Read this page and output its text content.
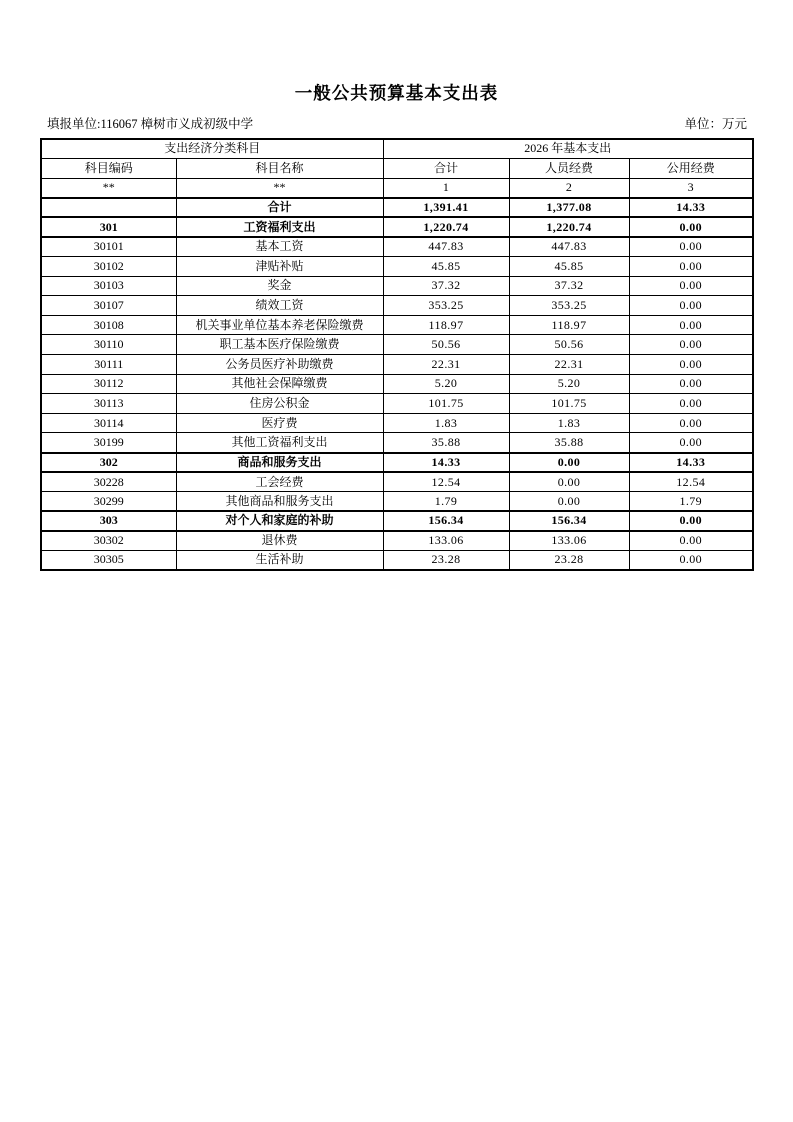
一般公共预算基本支出表
填报单位:116067 樟树市义成初级中学	单位：万元
支出经济分类科目		2026 年基本支出		
科目编码	科目名称	合计	人员经费	公用经费
**	**	1	2	3
	合计	1,391.41	1,377.08	14.33
301	工资福利支出	1,220.74	1,220.74	0.00
30101	基本工资	447.83	447.83	0.00
30102	津贴补贴	45.85	45.85	0.00
30103	奖金	37.32	37.32	0.00
30107	绩效工资	353.25	353.25	0.00
30108	机关事业单位基本养老保险缴费	118.97	118.97	0.00
30110	职工基本医疗保险缴费	50.56	50.56	0.00
30111	公务员医疗补助缴费	22.31	22.31	0.00
30112	其他社会保障缴费	5.20	5.20	0.00
30113	住房公积金	101.75	101.75	0.00
30114	医疗费	1.83	1.83	0.00
30199	其他工资福利支出	35.88	35.88	0.00
302	商品和服务支出	14.33	0.00	14.33
30228	工会经费	12.54	0.00	12.54
30299	其他商品和服务支出	1.79	0.00	1.79
303	对个人和家庭的补助	156.34	156.34	0.00
30302	退休费	133.06	133.06	0.00
30305	生活补助	23.28	23.28	0.00
